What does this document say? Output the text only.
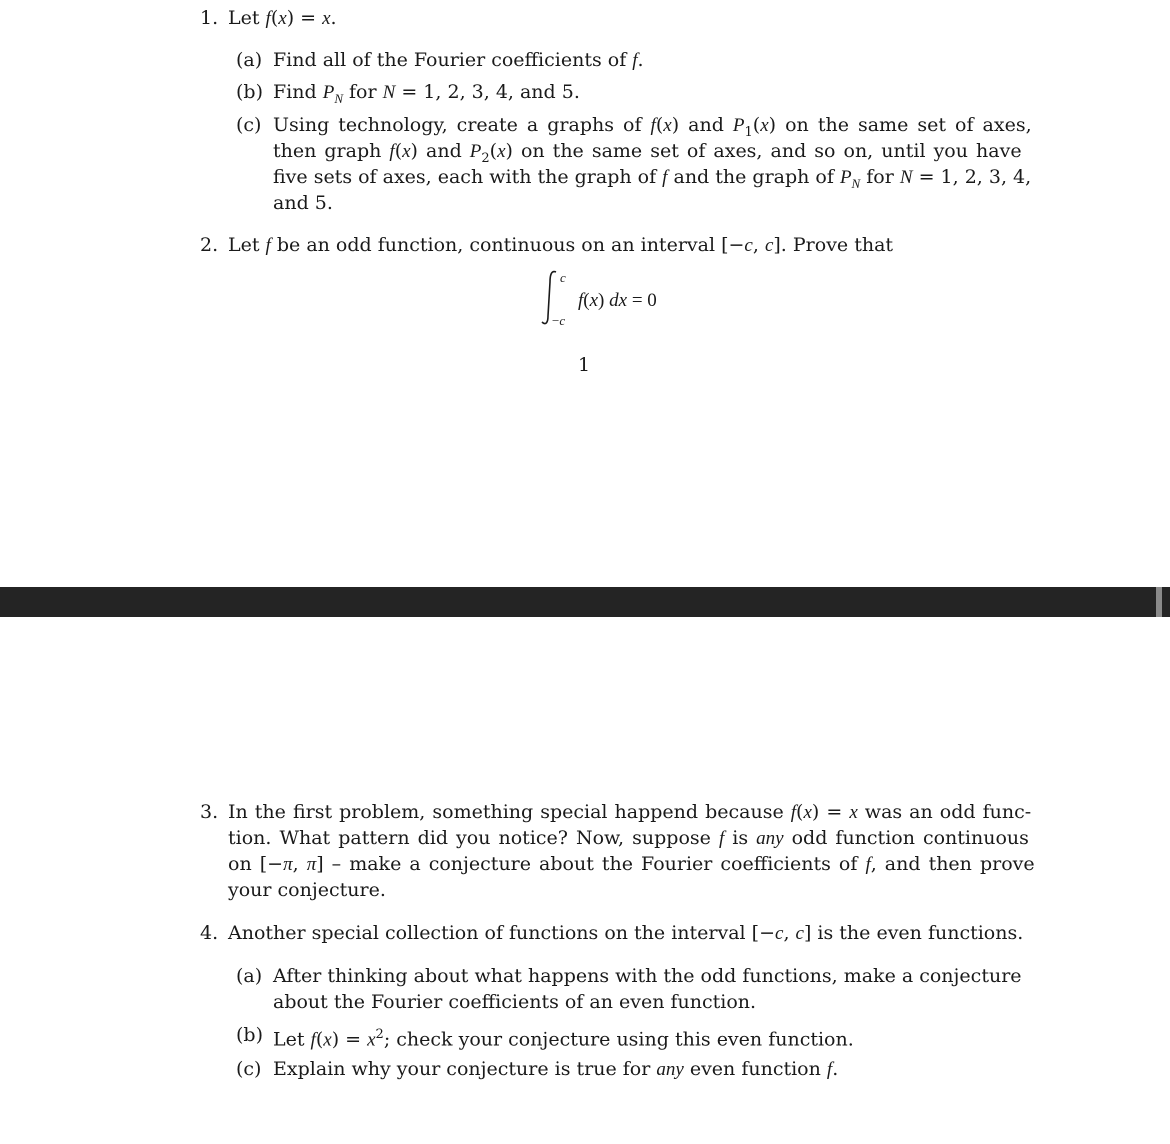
1. Let f(x) = x.
(a) Find all of the Fourier coefficients of f.
(b) Find $P_N$ for N = 1, 2, 3, 4, and 5.
(c) Using technology, create a graphs of f(x) and $P_1(x)$ on the same set of axes,
then graph f(x) and $P_2(x)$ on the same set of axes, and so on, until you have
five sets of axes, each with the graph of f and the graph of $P_N$ for N = 1, 2, 3, 4,
and 5.
2. Let f be an odd function, continuous on an interval [−c, c]. Prove that
c
−c
f(x) dx = 0
1
3. In the first problem, something special happend because f(x) = x was an odd func-
tion. What pattern did you notice? Now, suppose f is any odd function continuous
on [−π, π] – make a conjecture about the Fourier coefficients of f, and then prove
your conjecture.
4. Another special collection of functions on the interval [−c, c] is the even functions.
(a) After thinking about what happens with the odd functions, make a conjecture
about the Fourier coefficients of an even function.
(b) Let $f(x) = x^2$; check your conjecture using this even function.
(c) Explain why your conjecture is true for any even function f.
